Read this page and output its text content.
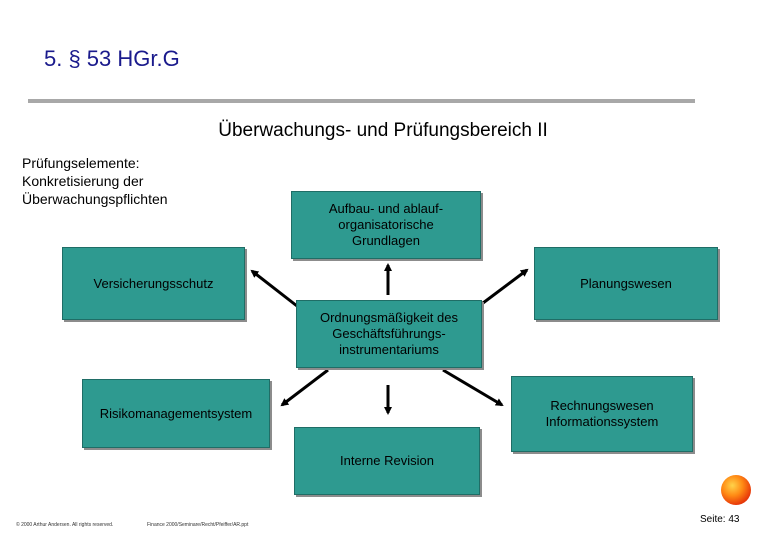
5. § 53 HGr.G
Überwachungs- und Prüfungsbereich II
Prüfungselemente:
Konkretisierung der
Überwachungspflichten
Aufbau- und ablauf-
organisatorische
Grundlagen
Versicherungsschutz	Planungswesen
Ordnungsmäßigkeit des
Geschäftsführungs-
instrumentariums
Risikomanagementsystem	Rechnungswesen
Informationssystem
Interne Revision
© 2000 Arthur Andersen. All rights reserved.	Finance 2000/Seminare/Recht/Pfeiffer/AR.ppt	Seite: 43
